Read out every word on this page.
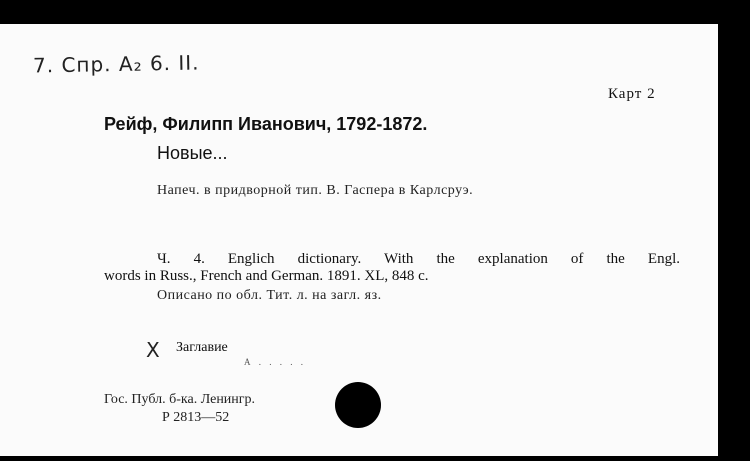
7. Спр. A₂ 6. II.
Карт 2
Рейф, Филипп Иванович, 1792-1872.
Новые...
Напеч. в придворной тип. В. Гаспера в Карлсруэ.
Ч. 4. Englich dictionary. With the explanation of the Engl.
words in Russ., French and German. 1891. XL, 848 с.
Описано по обл. Тит. л. на загл. яз.
X Заглавие
А . . . . .
Гос. Публ. б-ка. Ленингр.
Р 2813—52
